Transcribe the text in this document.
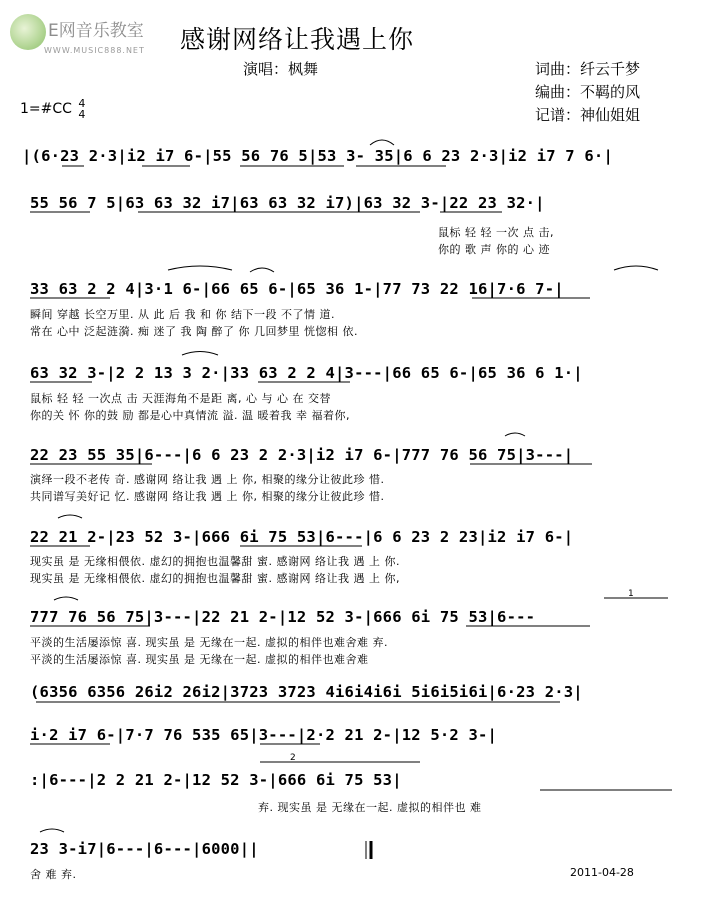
E网音乐教室
WWW.MUSIC888.NET 感谢网络让我遇上你
演唱：枫舞	词曲：纤云千梦
编曲：不羁的风
记谱：神仙姐姐
1=#CC 4
4
|(6·23 2·3|i2 i7 6-|55 56 76 5|53 3- 35|6 6 23 2·3|i2 i7 7 6·|
55 56 7 5|63 63 32 i7|63 63 32 i7)|63 32 3-|22 23 32·|
鼠标 轻 轻 一次 点 击,
你的 歌 声 你的 心 迹
33 63 2 2 4|3·1 6-|66 65 6-|65 36 1-|77 73 22 16|7·6 7-|
瞬间 穿越 长空万里. 从 此 后 我 和 你 结下一段 不了情 道.
常在 心中 泛起涟漪. 痴 迷了 我 陶 醉了 你 几回梦里 恍惚相 依.
63 32 3-|2 2 13 3 2·|33 63 2 2 4|3---|66 65 6-|65 36 6 1·|
鼠标 轻 轻 一次点 击 天涯海角不是距 离, 心 与 心 在 交替
你的关 怀 你的鼓 励 都是心中真情流 溢. 温 暖着我 幸 福着你,
22 23 55 35|6---|6 6 23 2 2·3|i2 i7 6-|777 76 56 75|3---|
演绎一段不老传 奇. 感谢网 络让我 遇 上 你, 相聚的缘分让彼此珍 惜.
共同谱写美好记 忆. 感谢网 络让我 遇 上 你, 相聚的缘分让彼此珍 惜.
22 21 2-|23 52 3-|666 6i 75 53|6---|6 6 23 2 23|i2 i7 6-|
现实虽 是 无缘相偎依. 虚幻的拥抱也温馨甜 蜜. 感谢网 络让我 遇 上 你.
现实虽 是 无缘相偎依. 虚幻的拥抱也温馨甜 蜜. 感谢网 络让我 遇 上 你,
777 76 56 75|3---|22 21 2-|12 52 3-|666 6i 75 53|6---
平淡的生活屡添惊 喜. 现实虽 是 无缘在一起. 虚拟的相伴也难舍难 弃.
平淡的生活屡添惊 喜. 现实虽 是 无缘在一起. 虚拟的相伴也难舍难
(6356 6356 26i2 26i2|3723 3723 4i6i4i6i 5i6i5i6i|6·23 2·3|
i·2 i7 6-|7·7 76 535 65|3---|2·2 21 2-|12 5·2 3-|
:|6---|2 2 21 2-|12 52 3-|666 6i 75 53|
弃. 现实虽 是 无缘在一起. 虚拟的相伴也 难
23 3-i7|6---|6---|6000||
舍 难 弃.	2011-04-28
1
2
